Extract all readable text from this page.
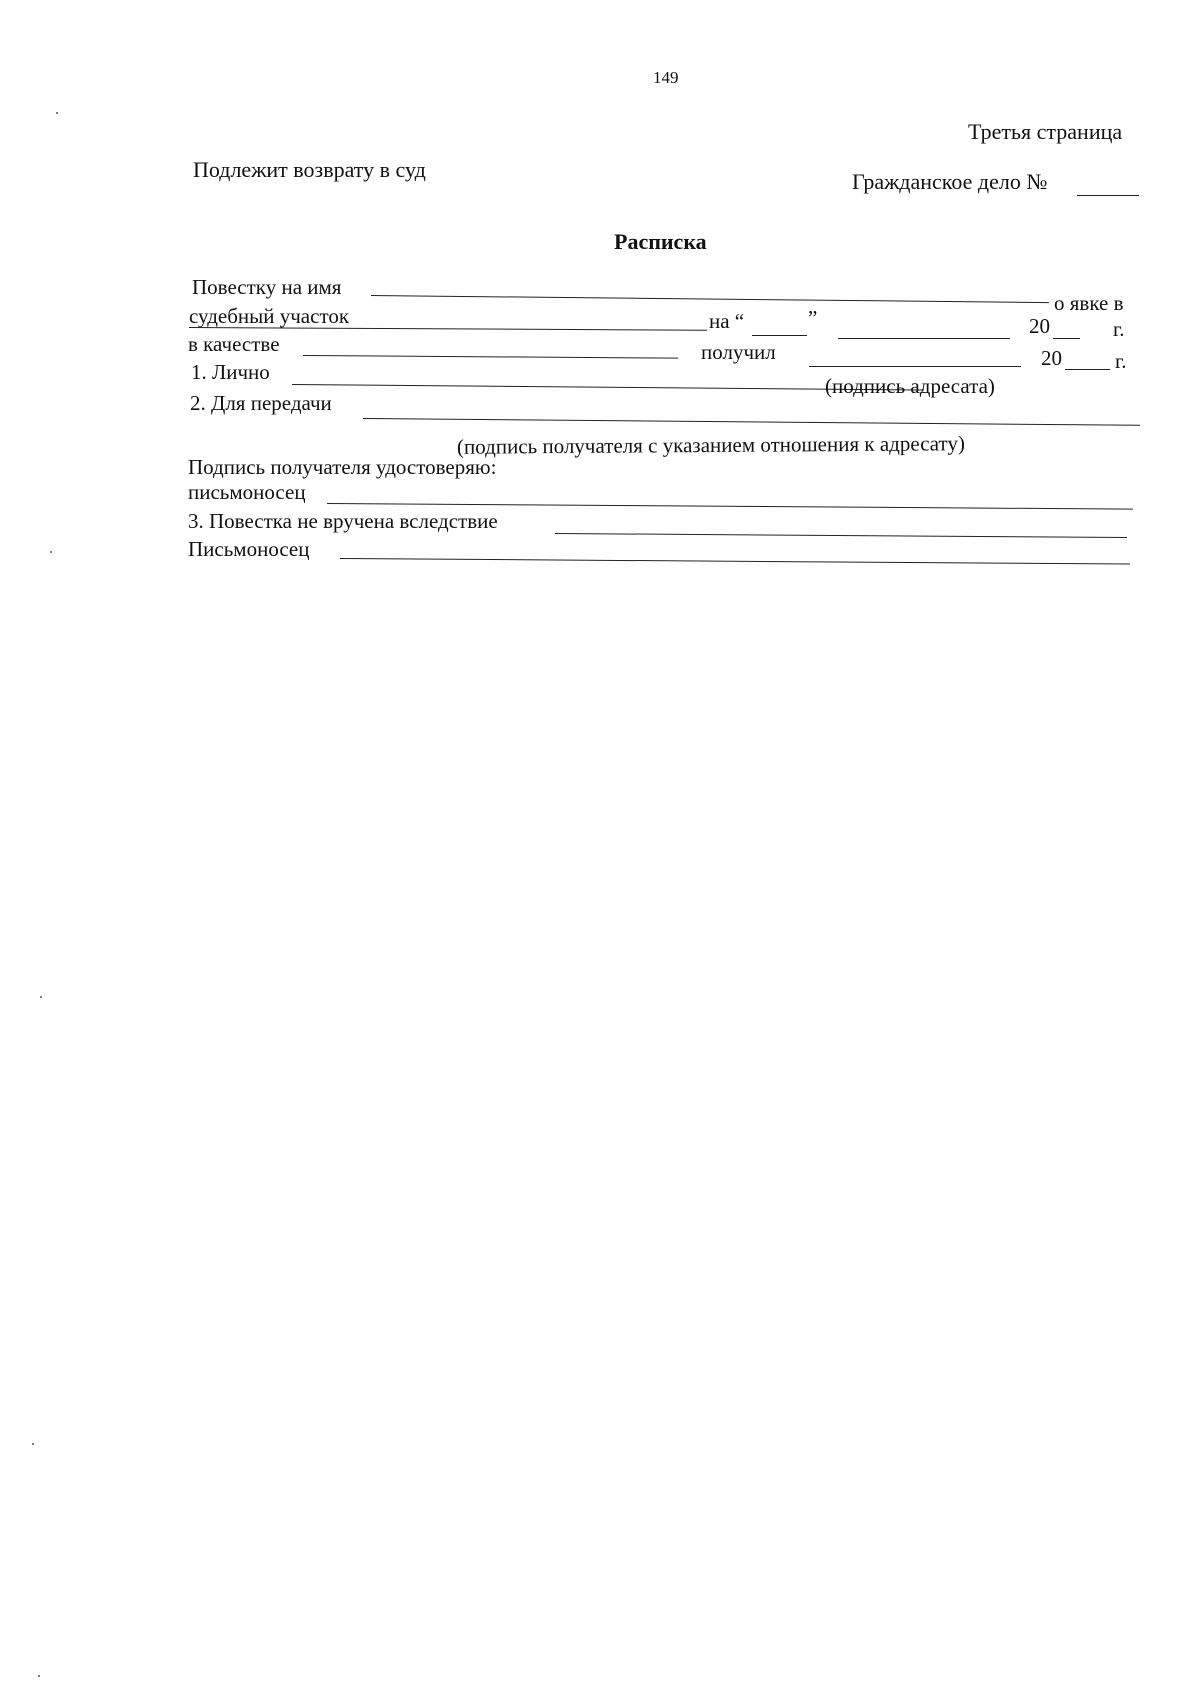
149
Третья страница
Подлежит возврату в суд	Гражданское дело №
Расписка
Повестку на имя
о явке в
судебный участок	на “	”	20	г.
в качестве	получил	20	г.
1. Лично
(подпись адресата)
2. Для передачи
(подпись получателя с указанием отношения к адресату)
Подпись получателя удостоверяю:
письмоносец
3. Повестка не вручена вследствие
Письмоносец
